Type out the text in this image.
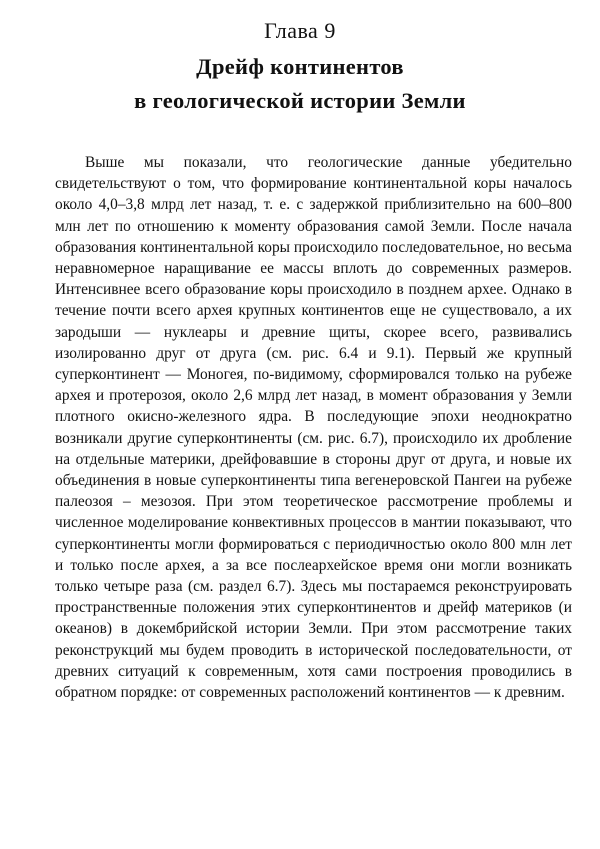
Глава 9
Дрейф континентов
в геологической истории Земли

Выше мы показали, что геологические данные убедительно свидетельствуют о том, что формирование континентальной коры началось около 4,0–3,8 млрд лет назад, т. е. с задержкой приблизительно на 600–800 млн лет по отношению к моменту образования самой Земли. После начала образования континентальной коры происходило последовательное, но весьма неравномерное наращивание ее массы вплоть до современных размеров. Интенсивнее всего образование коры происходило в позднем архее. Однако в течение почти всего архея крупных континентов еще не существовало, а их зародыши — нуклеары и древние щиты, скорее всего, развивались изолированно друг от друга (см. рис. 6.4 и 9.1). Первый же крупный суперконтинент — Моногея, по-видимому, сформировался только на рубеже архея и протерозоя, около 2,6 млрд лет назад, в момент образования у Земли плотного окисно-железного ядра. В последующие эпохи неоднократно возникали другие суперконтиненты (см. рис. 6.7), происходило их дробление на отдельные материки, дрейфовавшие в стороны друг от друга, и новые их объединения в новые суперконтиненты типа вегенеровской Пангеи на рубеже палеозоя – мезозоя. При этом теоретическое рассмотрение проблемы и численное моделирование конвективных процессов в мантии показывают, что суперконтиненты могли формироваться с периодичностью около 800 млн лет и только после архея, а за все послеархейское время они могли возникать только четыре раза (см. раздел 6.7). Здесь мы постараемся реконструировать пространственные положения этих суперконтинентов и дрейф материков (и океанов) в докембрийской истории Земли. При этом рассмотрение таких реконструкций мы будем проводить в исторической последовательности, от древних ситуаций к современным, хотя сами построения проводились в обратном порядке: от современных расположений континентов — к древним.
